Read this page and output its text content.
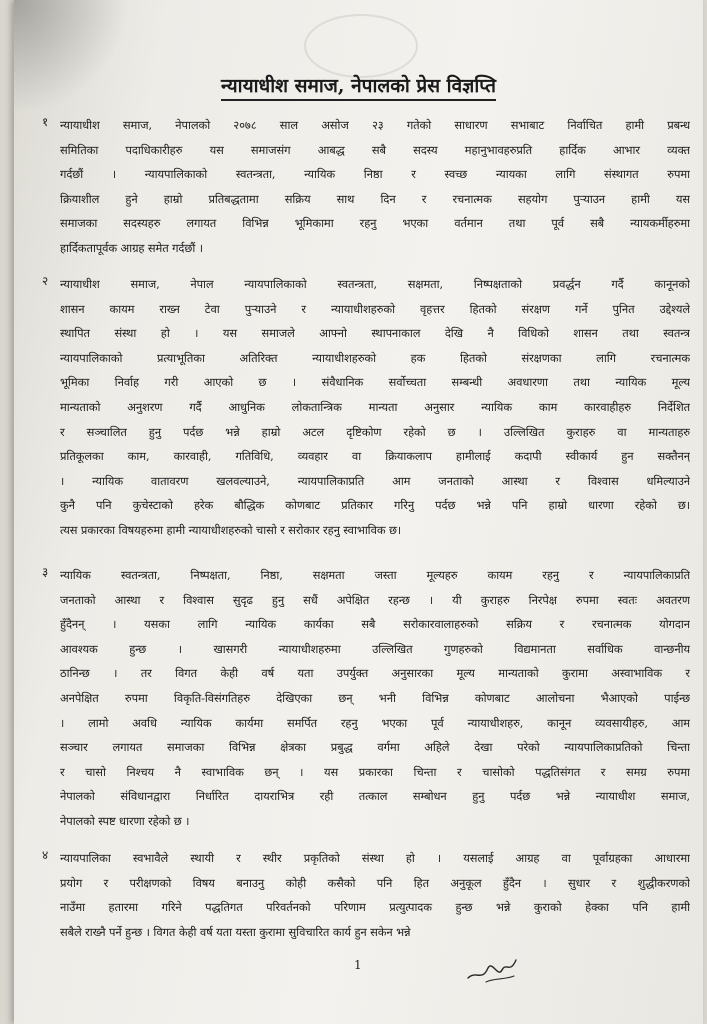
न्यायाधीश समाज, नेपालको प्रेस विज्ञप्ति
१ न्यायाधीश समाज, नेपालको २०७८ साल असोज २३ गतेको साधारण सभाबाट निर्वाचित हामी प्रबन्ध
समितिका पदाधिकारीहरु यस समाजसंग आबद्ध सबै सदस्य महानुभावहरुप्रति हार्दिक आभार व्यक्त
गर्दछौं । न्यायपालिकाको स्वतन्त्रता, न्यायिक निष्ठा र स्वच्छ न्यायका लागि संस्थागत रुपमा
क्रियाशील हुने हाम्रो प्रतिबद्धतामा सक्रिय साथ दिन र रचनात्मक सहयोग पुऱ्याउन हामी यस
समाजका सदस्यहरु लगायत विभिन्न भूमिकामा रहनु भएका वर्तमान तथा पूर्व सबै न्यायकर्मीहरुमा
हार्दिकतापूर्वक आग्रह समेत गर्दछौं ।
२ न्यायाधीश समाज, नेपाल न्यायपालिकाको स्वतन्त्रता, सक्षमता, निष्पक्षताको प्रवर्द्धन गर्दै कानूनको
शासन कायम राख्न टेवा पुऱ्याउने र न्यायाधीशहरुको वृहत्तर हितको संरक्षण गर्ने पुनित उद्देश्यले
स्थापित संस्था हो । यस समाजले आफ्नो स्थापनाकाल देखि नै विधिको शासन तथा स्वतन्त्र
न्यायपालिकाको प्रत्याभूतिका अतिरिक्त न्यायाधीशहरुको हक हितको संरक्षणका लागि रचनात्मक
भूमिका निर्वाह गरी आएको छ । संवैधानिक सर्वोच्चता सम्बन्धी अवधारणा तथा न्यायिक मूल्य
मान्यताको अनुशरण गर्दै आधुनिक लोकतान्त्रिक मान्यता अनुसार न्यायिक काम कारवाहीहरु निर्देशित
र सञ्चालित हुनु पर्दछ भन्ने हाम्रो अटल दृष्टिकोण रहेको छ । उल्लिखित कुराहरु वा मान्यताहरु
प्रतिकूलका काम, कारवाही, गतिविधि, व्यवहार वा क्रियाकलाप हामीलाई कदापी स्वीकार्य हुन सक्तैनन्
। न्यायिक वातावरण खलवल्याउने, न्यायपालिकाप्रति आम जनताको आस्था र विश्वास धमिल्याउने
कुनै पनि कुचेस्टाको हरेक बौद्धिक कोणबाट प्रतिकार गरिनु पर्दछ भन्ने पनि हाम्रो धारणा रहेको छ।
त्यस प्रकारका विषयहरुमा हामी न्यायाधीशहरुको चासो र सरोकार रहनु स्वाभाविक छ।
३ न्यायिक स्वतन्त्रता, निष्पक्षता, निष्ठा, सक्षमता जस्ता मूल्यहरु कायम रहनु र न्यायपालिकाप्रति
जनताको आस्था र विश्वास सुदृढ हुनु सधैं अपेक्षित रहन्छ । यी कुराहरु निरपेक्ष रुपमा स्वतः अवतरण
हुँदैनन् । यसका लागि न्यायिक कार्यका सबै सरोकारवालाहरुको सक्रिय र रचनात्मक योगदान
आवश्यक हुन्छ । खासगरी न्यायाधीशहरुमा उल्लिखित गुणहरुको विद्यमानता सर्वाधिक वान्छनीय
ठानिन्छ । तर विगत केही वर्ष यता उपर्युक्त अनुसारका मूल्य मान्यताको कुरामा अस्वाभाविक र
अनपेक्षित रुपमा विकृति-विसंगतिहरु देखिएका छन् भनी विभिन्न कोणबाट आलोचना भैआएको पाईन्छ
। लामो अवधि न्यायिक कार्यमा समर्पित रहनु भएका पूर्व न्यायाधीशहरु, कानून व्यवसायीहरु, आम
सञ्चार लगायत समाजका विभिन्न क्षेत्रका प्रबुद्ध वर्गमा अहिले देखा परेको न्यायपालिकाप्रतिको चिन्ता
र चासो निश्चय नै स्वाभाविक छन् । यस प्रकारका चिन्ता र चासोको पद्धतिसंगत र समग्र रुपमा
नेपालको संविधानद्वारा निर्धारित दायराभित्र रही तत्काल सम्बोधन हुनु पर्दछ भन्ने न्यायाधीश समाज,
नेपालको स्पष्ट धारणा रहेको छ ।
४ न्यायपालिका स्वभावैले स्थायी र स्थीर प्रकृतिको संस्था हो । यसलाई आग्रह वा पूर्वाग्रहका आधारमा
प्रयोग र परीक्षणको विषय बनाउनु कोही कसैको पनि हित अनुकूल हुँदैन । सुधार र शुद्धीकरणको
नाउँमा हतारमा गरिने पद्धतिगत परिवर्तनको परिणाम प्रत्युत्पादक हुन्छ भन्ने कुराको हेक्का पनि हामी
सबैले राख्नै पर्ने हुन्छ । विगत केही वर्ष यता यस्ता कुरामा सुविचारित कार्य हुन सकेन भन्ने
1
